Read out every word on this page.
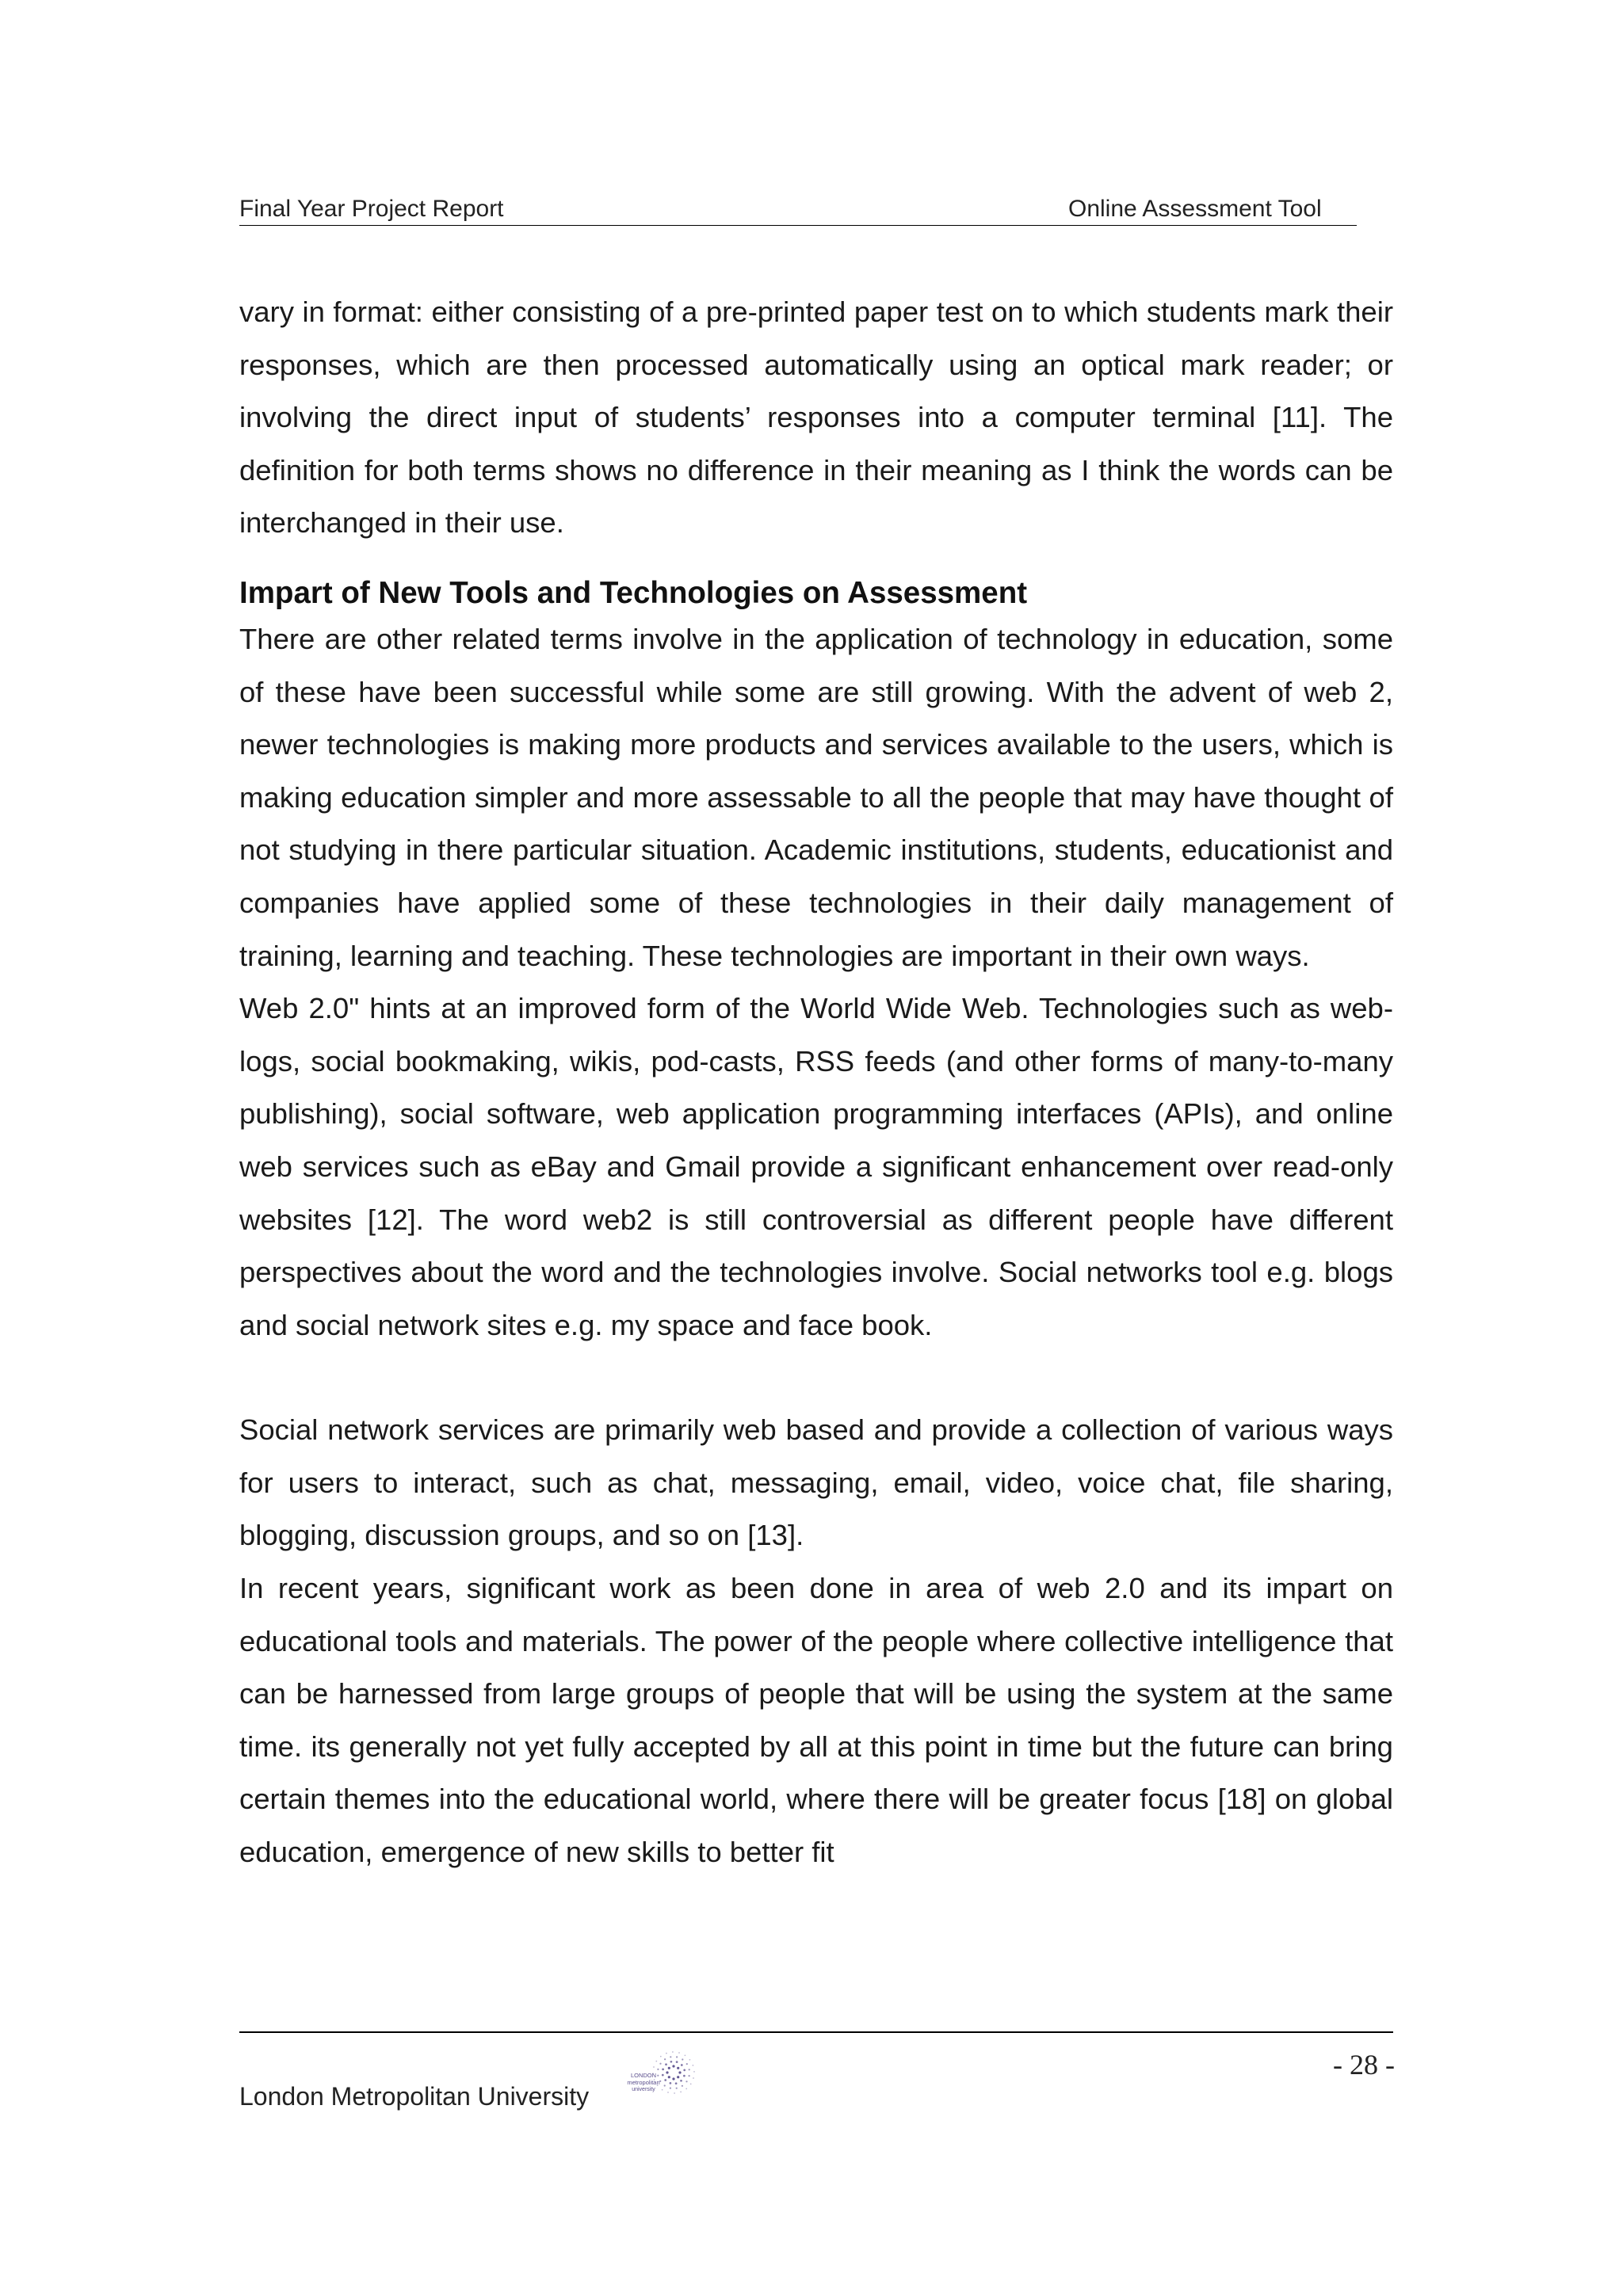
Final Year Project Report	Online Assessment Tool

vary in format: either consisting of a pre-printed paper test on to which students mark their responses, which are then processed automatically using an optical mark reader; or involving the direct input of students’ responses into a computer terminal [11]. The definition for both terms shows no difference in their meaning as I think the words can be interchanged in their use.

Impart of New Tools and Technologies on Assessment

There are other related terms involve in the application of technology in education, some of these have been successful while some are still growing. With the advent of web 2, newer technologies is making more products and services available to the users, which is making education simpler and more assessable to all the people that may have thought of not studying in there particular situation. Academic institutions, students, educationist and companies have applied some of these technologies in their daily management of training, learning and teaching. These technologies are important in their own ways.

Web 2.0" hints at an improved form of the World Wide Web. Technologies such as web-logs, social bookmaking, wikis, pod-casts, RSS feeds (and other forms of many-to-many publishing), social software, web application programming interfaces (APIs), and online web services such as eBay and Gmail provide a significant enhancement over read-only websites [12]. The word web2 is still controversial as different people have different perspectives about the word and the technologies involve. Social networks tool e.g. blogs and social network sites e.g. my space and face book.

Social network services are primarily web based and provide a collection of various ways for users to interact, such as chat, messaging, email, video, voice chat, file sharing, blogging, discussion groups, and so on [13].

In recent years, significant work as been done in area of web 2.0 and its impart on educational tools and materials. The power of the people where collective intelligence that can be harnessed from large groups of people that will be using the system at the same time. its generally not yet fully accepted by all at this point in time but the future can bring certain themes into the educational world, where there will be greater focus [18] on global education, emergence of new skills to better fit

London Metropolitan University
LONDON
metropolitan
university
- 28 -
